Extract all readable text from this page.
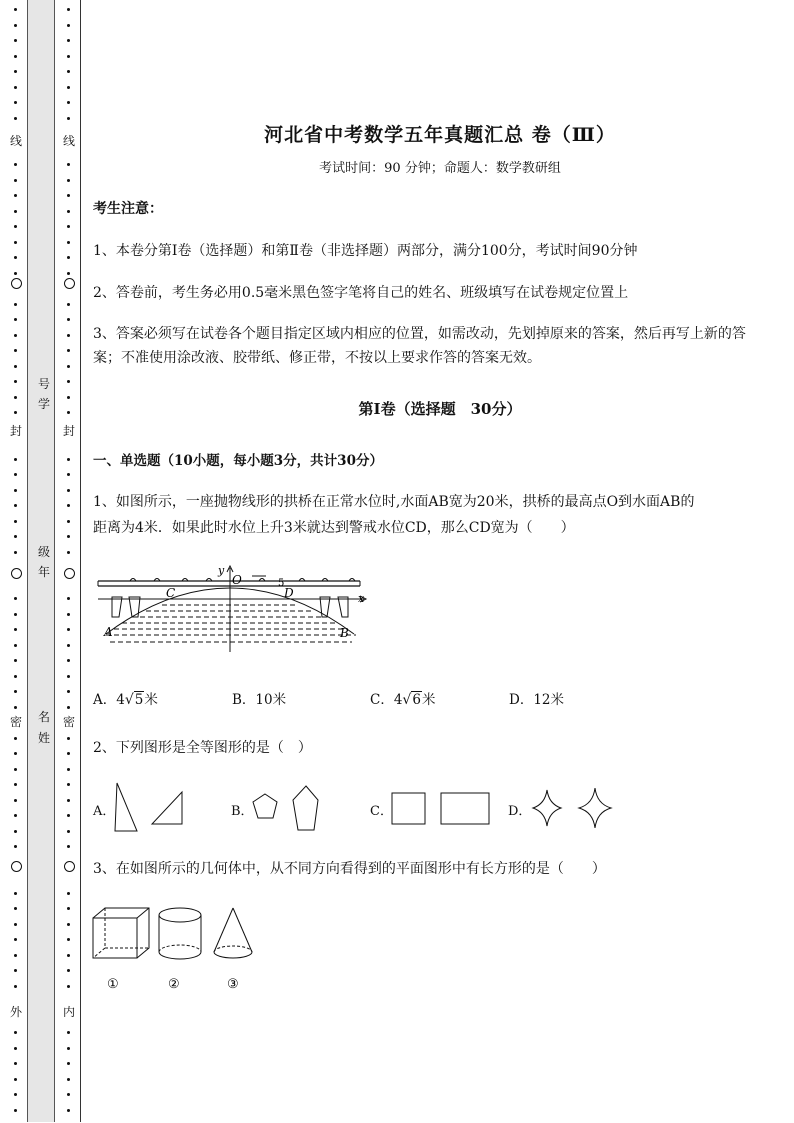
线
封
密
外
线
封
密
内
号
学
级
年
名
姓
河北省中考数学五年真题汇总 卷（Ⅲ）
考试时间：90 分钟；命题人：数学教研组
考生注意：
1、本卷分第Ⅰ卷（选择题）和第Ⅱ卷（非选择题）两部分，满分100分，考试时间90分钟
2、答卷前，考生务必用0.5毫米黑色签字笔将自己的姓名、班级填写在试卷规定位置上
3、答案必须写在试卷各个题目指定区域内相应的位置，如需改动，先划掉原来的答案，然后再写上新的答案；不准使用涂改液、胶带纸、修正带，不按以上要求作答的答案无效。
第Ⅰ卷（选择题　30分）
一、单选题（10小题，每小题3分，共计30分）
1、如图所示，一座抛物线形的拱桥在正常水位时,水面AB宽为20米，拱桥的最高点O到水面AB的
距离为4米．如果此时水位上升3米就达到警戒水位CD，那么CD宽为（　　）
y
O	5
x
C	D
A	B
A．4√5米	B．10米	C．4√6米	D．12米
2、下列图形是全等图形的是（　）
A．	B．	C．	D．
3、在如图所示的几何体中，从不同方向看得到的平面图形中有长方形的是（　　）
①	②	③
